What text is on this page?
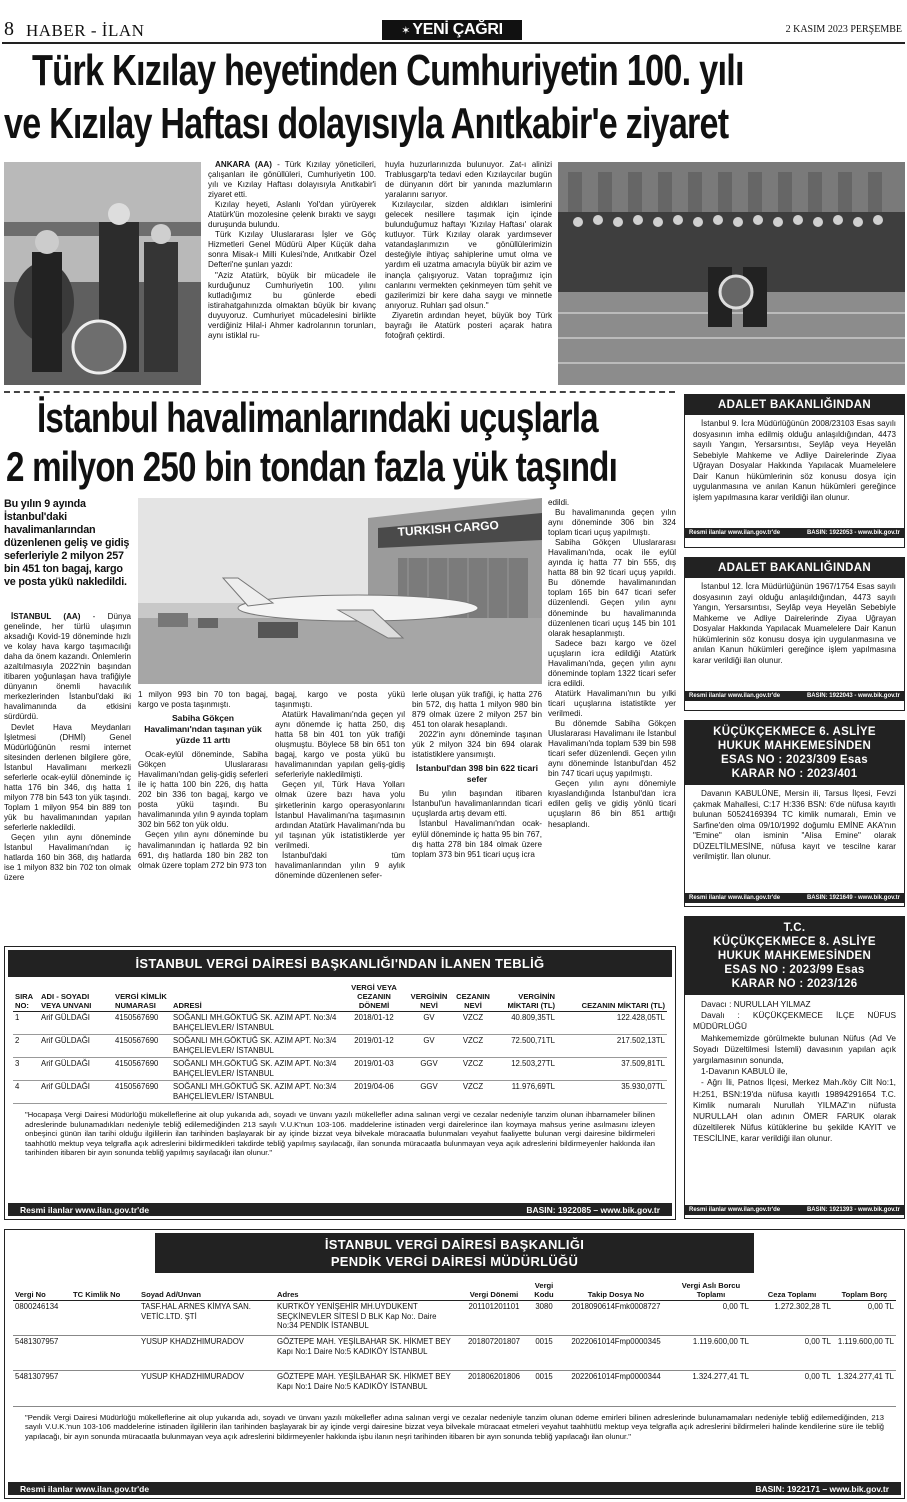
8 HABER - İLAN	✶ YENİ ÇAĞRI	2 KASIM 2023 PERŞEMBE
Türk Kızılay heyetinden Cumhuriyetin 100. yılı
ve Kızılay Haftası dolayısıyla Anıtkabir'e ziyaret

ANKARA (AA) - Türk Kızılay yöneticileri, çalışanları ile gönüllüleri, Cumhuriyetin 100. yılı ve Kızılay Haftası dolayısıyla Anıtkabir'i ziyaret etti.

Kızılay heyeti, Aslanlı Yol'dan yürüyerek Atatürk'ün mozolesine çelenk bıraktı ve saygı duruşunda bulundu.

Türk Kızılay Uluslararası İşler ve Göç Hizmetleri Genel Müdürü Alper Küçük daha sonra Misak-ı Milli Kulesi'nde, Anıtkabir Özel Defteri'ne şunları yazdı:

"Aziz Atatürk, büyük bir mücadele ile kurduğunuz Cumhuriyetin 100. yılını kutladığımız bu günlerde ebedi istirahatgahınızda olmaktan büyük bir kıvanç duyuyoruz. Cumhuriyet mücadelesini birlikte verdiğiniz Hilal-i Ahmer kadrolarının torunları, aynı istiklal ru-

huyla huzurlarınızda bulunuyor. Zat-ı alinizi Trablusgarp'ta tedavi eden Kızılaycılar bugün de dünyanın dört bir yanında mazlumların yaralarını sarıyor.

Kızılaycılar, sizden aldıkları isimlerini gelecek nesillere taşımak için içinde bulunduğumuz haftayı 'Kızılay Haftası' olarak kutluyor. Türk Kızılay olarak yardımsever vatandaşlarımızın ve gönüllülerimizin desteğiyle ihtiyaç sahiplerine umut olma ve yardım eli uzatma amacıyla büyük bir azim ve inançla çalışıyoruz. Vatan toprağımız için canlarını vermekten çekinmeyen tüm şehit ve gazilerimizi bir kere daha saygı ve minnetle anıyoruz. Ruhları şad olsun."

Ziyaretin ardından heyet, büyük boy Türk bayrağı ile Atatürk posteri açarak hatıra fotoğrafı çektirdi.

İstanbul havalimanlarındaki uçuşlarla
2 milyon 250 bin tondan fazla yük taşındı
Bu yılın 9 ayında İstanbul'daki havalimanlarından düzenlenen geliş ve gidiş seferleriyle 2 milyon 257 bin 451 ton bagaj, kargo ve posta yükü nakledildi.

İSTANBUL (AA) - Dünya genelinde, her türlü ulaşımın aksadığı Kovid-19 döneminde hızlı ve kolay hava kargo taşımacılığı daha da önem kazandı. Önlemlerin azaltılmasıyla 2022'nin başından itibaren yoğunlaşan hava trafiğiyle dünyanın önemli havacılık merkezlerinden İstanbul'daki iki havalimanında da etkisini sürdürdü.

Devlet Hava Meydanları İşletmesi (DHMİ) Genel Müdürlüğünün resmi internet sitesinden derlenen bilgilere göre, İstanbul Havalimanı merkezli seferlerle ocak-eylül döneminde iç hatta 176 bin 346, dış hatta 1 milyon 778 bin 543 ton yük taşındı. Toplam 1 milyon 954 bin 889 ton yük bu havalimanından yapılan seferlerle nakledildi.

Geçen yılın aynı döneminde İstanbul Havalimanı'ndan iç hatlarda 160 bin 368, dış hatlarda ise 1 milyon 832 bin 702 ton olmak üzere

TURKISH CARGO

1 milyon 993 bin 70 ton bagaj, kargo ve posta taşınmıştı.

Sabiha Gökçen Havalimanı'ndan taşınan yük yüzde 11 arttı

Ocak-eylül döneminde, Sabiha Gökçen Uluslararası Havalimanı'ndan geliş-gidiş seferleri ile iç hatta 100 bin 226, dış hatta 202 bin 336 ton bagaj, kargo ve posta yükü taşındı. Bu havalimanında yılın 9 ayında toplam 302 bin 562 ton yük oldu.

Geçen yılın aynı döneminde bu havalimanından iç hatlarda 92 bin 691, dış hatlarda 180 bin 282 ton olmak üzere toplam 272 bin 973 ton

bagaj, kargo ve posta yükü taşınmıştı.

Atatürk Havalimanı'nda geçen yıl aynı dönemde iç hatta 250, dış hatta 58 bin 401 ton yük trafiği oluşmuştu. Böylece 58 bin 651 ton bagaj, kargo ve posta yükü bu havalimanından yapılan geliş-gidiş seferleriyle nakledilmişti.

Geçen yıl, Türk Hava Yolları olmak üzere bazı hava yolu şirketlerinin kargo operasyonlarını İstanbul Havalimanı'na taşımasının ardından Atatürk Havalimanı'nda bu yıl taşınan yük istatistiklerde yer verilmedi.

İstanbul'daki tüm havalimanlarından yılın 9 aylık döneminde düzenlenen sefer-

lerle oluşan yük trafiği, iç hatta 276 bin 572, dış hatta 1 milyon 980 bin 879 olmak üzere 2 milyon 257 bin 451 ton olarak hesaplandı.

2022'in aynı döneminde taşınan yük 2 milyon 324 bin 694 olarak istatistiklere yansımıştı.

İstanbul'dan 398 bin 622 ticari sefer

Bu yılın başından itibaren İstanbul'un havalimanlarından ticari uçuşlarda artış devam etti.

İstanbul Havalimanı'ndan ocak-eylül döneminde iç hatta 95 bin 767, dış hatta 278 bin 184 olmak üzere toplam 373 bin 951 ticari uçuş icra

edildi.

Bu havalimanında geçen yılın aynı döneminde 306 bin 324 toplam ticari uçuş yapılmıştı.

Sabiha Gökçen Uluslararası Havalimanı'nda, ocak ile eylül ayında iç hatta 77 bin 555, dış hatta 88 bin 92 ticari uçuş yapıldı. Bu dönemde havalimanından toplam 165 bin 647 ticari sefer düzenlendi. Geçen yılın aynı döneminde bu havalimanında düzenlenen ticari uçuş 145 bin 101 olarak hesaplanmıştı.

Sadece bazı kargo ve özel uçuşların icra edildiği Atatürk Havalimanı'nda, geçen yılın aynı döneminde toplam 1322 ticari sefer icra edildi.

Atatürk Havalimanı'nın bu yılki ticari uçuşlarına istatistikte yer verilmedi.

Bu dönemde Sabiha Gökçen Uluslararası Havalimanı ile İstanbul Havalimanı'nda toplam 539 bin 598 ticari sefer düzenlendi. Geçen yılın aynı döneminde İstanbul'dan 452 bin 747 ticari uçuş yapılmıştı.

Geçen yılın aynı dönemiyle kıyaslandığında İstanbul'dan icra edilen geliş ve gidiş yönlü ticari uçuşların 86 bin 851 arttığı hesaplandı.

ADALET BAKANLIĞINDAN

İstanbul 9. İcra Müdürlüğünün 2008/23103 Esas sayılı dosyasının imha edilmiş olduğu anlaşıldığından, 4473 sayılı Yangın, Yersarsıntısı, Seylâp veya Heyelân Sebebiyle Mahkeme ve Adliye Dairelerinde Ziyaa Uğrayan Dosyalar Hakkında Yapılacak Muamelelere Dair Kanun hükümlerinin söz konusu dosya için uygulanmasına ve anılan Kanun hükümleri gereğince işlem yapılmasına karar verildiği ilan olunur.

Resmi ilanlar www.ilan.gov.tr'de	BASIN: 1922053 - www.bik.gov.tr
ADALET BAKANLIĞINDAN

İstanbul 12. İcra Müdürlüğünün 1967/1754 Esas sayılı dosyasının zayi olduğu anlaşıldığından, 4473 sayılı Yangın, Yersarsıntısı, Seylâp veya Heyelân Sebebiyle Mahkeme ve Adliye Dairelerinde Ziyaa Uğrayan Dosyalar Hakkında Yapılacak Muamelelere Dair Kanun hükümlerinin söz konusu dosya için uygulanmasına ve anılan Kanun hükümleri gereğince işlem yapılmasına karar verildiği ilan olunur.

Resmi ilanlar www.ilan.gov.tr'de	BASIN: 1922043 - www.bik.gov.tr
KÜÇÜKÇEKMECE 6. ASLİYE
HUKUK MAHKEMESİNDEN
ESAS NO : 2023/309 Esas
KARAR NO : 2023/401

Davanın KABULÜNE, Mersin ili, Tarsus İlçesi, Fevzi çakmak Mahallesi, C:17 H:336 BSN: 6'de nüfusa kayıtlı bulunan 50524169394 TC kimlik numaralı, Emin ve Sarfine'den olma 09/10/1992 doğumlu EMİNE AKA'nın "Emine" olan isminin "Alisa Emine" olarak DÜZELTİLMESİNE, nüfusa kayıt ve tescilne karar verilmiştir. İlan olunur.

Resmi ilanlar www.ilan.gov.tr'de	BASIN: 1921649 - www.bik.gov.tr
T.C.
KÜÇÜKÇEKMECE 8. ASLİYE
HUKUK MAHKEMESİNDEN
ESAS NO : 2023/99 Esas
KARAR NO : 2023/126

Davacı : NURULLAH YILMAZ

Davalı : KÜÇÜKÇEKMECE İLÇE NÜFUS MÜDÜRLÜĞÜ

Mahkememizde görülmekte bulunan Nüfus (Ad Ve Soyadı Düzeltilmesi İstemli) davasının yapılan açık yargılamasının sonunda,

1-Davanın KABULÜ ile,

- Ağrı İli, Patnos İlçesi, Merkez Mah./köy Cilt No:1, H:251, BSN:19'da nüfusa kayıtlı 19894291654 T.C. Kimlik numaralı Nurullah YILMAZ'ın nüfusta NURULLAH olan adının ÖMER FARUK olarak düzeltilerek Nüfus kütüklerine bu şekilde KAYIT ve TESCİLİNE, karar verildiği ilan olunur.

Resmi ilanlar www.ilan.gov.tr'de	BASIN: 1921393 - www.bik.gov.tr
İSTANBUL VERGİ DAİRESİ BAŞKANLIĞI'NDAN İLANEN TEBLİĞ
SIRA NO:	ADI - SOYADI VEYA UNVANI	VERGİ KİMLİK NUMARASI	ADRESİ	VERGİ VEYA CEZANIN DÖNEMİ	VERGİNİN NEVİ	CEZANIN NEVİ	VERGİNİN MİKTARI (TL)	CEZANIN MİKTARI (TL)
1	Arif GÜLDAĞI	4150567690	SOĞANLI MH.GÖKTUĞ SK. AZIM APT. No:3/4 BAHÇELİEVLER/ İSTANBUL	2018/01-12	GV	VZCZ	40.809,35TL	122.428,05TL
2	Arif GÜLDAĞI	4150567690	SOĞANLI MH.GÖKTUĞ SK. AZIM APT. No:3/4 BAHÇELİEVLER/ İSTANBUL	2019/01-12	GV	VZCZ	72.500,71TL	217.502,13TL
3	Arif GÜLDAĞI	4150567690	SOĞANLI MH.GÖKTUĞ SK. AZIM APT. No:3/4 BAHÇELİEVLER/ İSTANBUL	2019/01-03	GGV	VZCZ	12.503,27TL	37.509,81TL
4	Arif GÜLDAĞI	4150567690	SOĞANLI MH.GÖKTUĞ SK. AZIM APT. No:3/4 BAHÇELİEVLER/ İSTANBUL	2019/04-06	GGV	VZCZ	11.976,69TL	35.930,07TL
"Hocapaşa Vergi Dairesi Müdürlüğü mükelleflerine ait olup yukarıda adı, soyadı ve ünvanı yazılı mükellefler adına salınan vergi ve cezalar nedeniyle tanzim olunan ihbarnameler bilinen adreslerinde bulunamadıkları nedeniyle tebliğ edilemediğinden 213 sayılı V.U.K'nun 103-106. maddelerine istinaden vergi dairelerince ilan koymaya mahsus yerine asılmasını izleyen onbeşinci günün ilan tarihi olduğu ilgililerin ilan tarihinden başlayarak bir ay içinde bizzat veya bilvekale müracaatla bulunmaları veyahut faaliyette bulunan vergi dairesine bildirmeleri taahhütlü mektup veya telgrafla açık adreslerini bildirmedikleri takdirde tebliğ yapılmış sayılacağı, ilan sonunda müracaatla bulunmayan veya açık adreslerini bildirmeyenler hakkında ilan tarihinden itibaren bir ayın sonunda tebliğ yapılmış sayılacağı ilan olunur."
Resmi ilanlar www.ilan.gov.tr'de	BASIN: 1922085 – www.bik.gov.tr
İSTANBUL VERGİ DAİRESİ BAŞKANLIĞI
PENDİK VERGİ DAİRESİ MÜDÜRLÜĞÜ
Vergi No	TC Kimlik No	Soyad Ad/Unvan	Adres	Vergi Dönemi	Vergi Kodu	Takip Dosya No	Vergi Aslı Borcu Toplamı	Ceza Toplamı	Toplam Borç
0800246134		TASF.HAL ARNES KİMYA SAN. VETİC.LTD. ŞTİ	KURTKÖY YENİŞEHİR MH.UYDUKENT SEÇKİNEVLER SİTESİ D BLK Kap No:. Daire No:34 PENDİK İSTANBUL	201101201101	3080	2018090614Fmk0008727	0,00 TL	1.272.302,28 TL	0,00 TL
5481307957		YUSUP KHADZHIMURADOV	GÖZTEPE MAH. YEŞİLBAHAR SK. HİKMET BEY Kapı No:1 Daire No:5 KADIKÖY İSTANBUL	201807201807	0015	2022061014Fmp0000345	1.119.600,00 TL	0,00 TL	1.119.600,00 TL
5481307957		YUSUP KHADZHIMURADOV	GÖZTEPE MAH. YEŞİLBAHAR SK. HİKMET BEY Kapı No:1 Daire No:5 KADIKÖY İSTANBUL	201806201806	0015	2022061014Fmp0000344	1.324.277,41 TL	0,00 TL	1.324.277,41 TL
"Pendik Vergi Dairesi Müdürlüğü mükelleflerine ait olup yukarıda adı, soyadı ve ünvanı yazılı mükellefler adına salınan vergi ve cezalar nedeniyle tanzim olunan ödeme emirleri bilinen adreslerinde bulunamamaları nedeniyle tebliğ edilemediğinden, 213 sayılı V.U.K.'nun 103-106 maddelerine istinaden ilgililerin ilan tarihinden başlayarak bir ay içinde vergi dairesine bizzat veya bilvekale müracaat etmeleri veyahut taahhütlü mektup veya telgrafla açık adreslerini bildirmeleri halinde kendilerine süre ile tebliğ yapılacağı, bir ayın sonunda müracaatla bulunmayan veya açık adreslerini bildirmeyenler hakkında işbu ilanın neşri tarihinden itibaren bir ayın sonunda tebliğ yapılacağı ilan olunur."
Resmi ilanlar www.ilan.gov.tr'de	BASIN: 1922171 – www.bik.gov.tr
